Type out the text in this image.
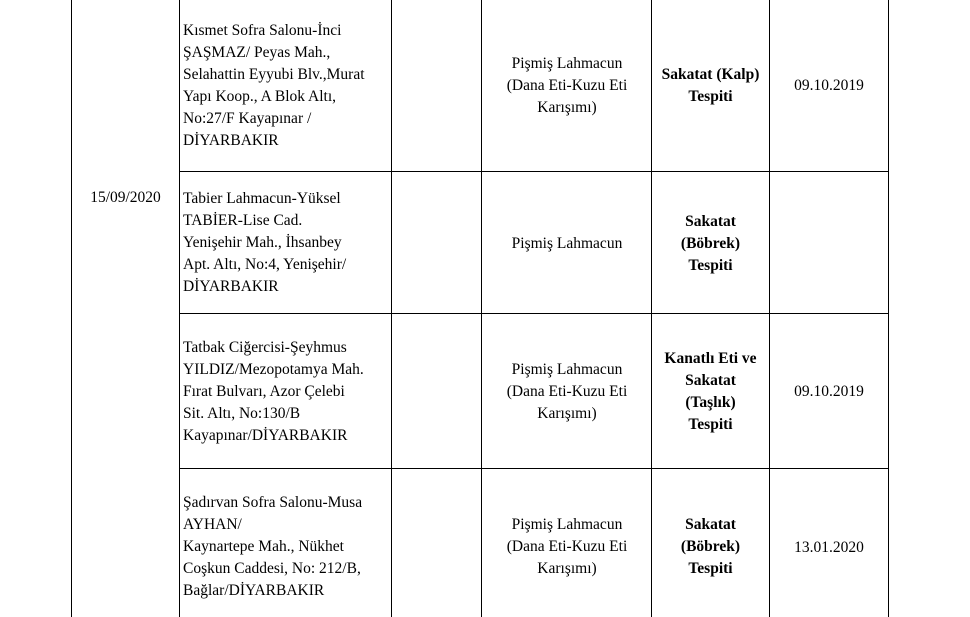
15/09/2020
Kısmet Sofra Salonu-İnci
ŞAŞMAZ/ Peyas Mah.,
Selahattin Eyyubi Blv.,Murat
Yapı Koop., A Blok Altı,
No:27/F Kayapınar /
DİYARBAKIR
Pişmiş Lahmacun
(Dana Eti-Kuzu Eti
Karışımı)
Sakatat (Kalp)
Tespiti
09.10.2019
Tabier Lahmacun-Yüksel
TABİER-Lise Cad.
Yenişehir Mah., İhsanbey
Apt. Altı, No:4, Yenişehir/
DİYARBAKIR
Pişmiş Lahmacun
Sakatat
(Böbrek)
Tespiti
Tatbak Ciğercisi-Şeyhmus
YILDIZ/Mezopotamya Mah.
Fırat Bulvarı, Azor Çelebi
Sit. Altı, No:130/B
Kayapınar/DİYARBAKIR
Pişmiş Lahmacun
(Dana Eti-Kuzu Eti
Karışımı)
Kanatlı Eti ve
Sakatat
(Taşlık)
Tespiti
09.10.2019
Şadırvan Sofra Salonu-Musa
AYHAN/
Kaynartepe Mah., Nükhet
Coşkun Caddesi, No: 212/B,
Bağlar/DİYARBAKIR
Pişmiş Lahmacun
(Dana Eti-Kuzu Eti
Karışımı)
Sakatat
(Böbrek)
Tespiti
13.01.2020
